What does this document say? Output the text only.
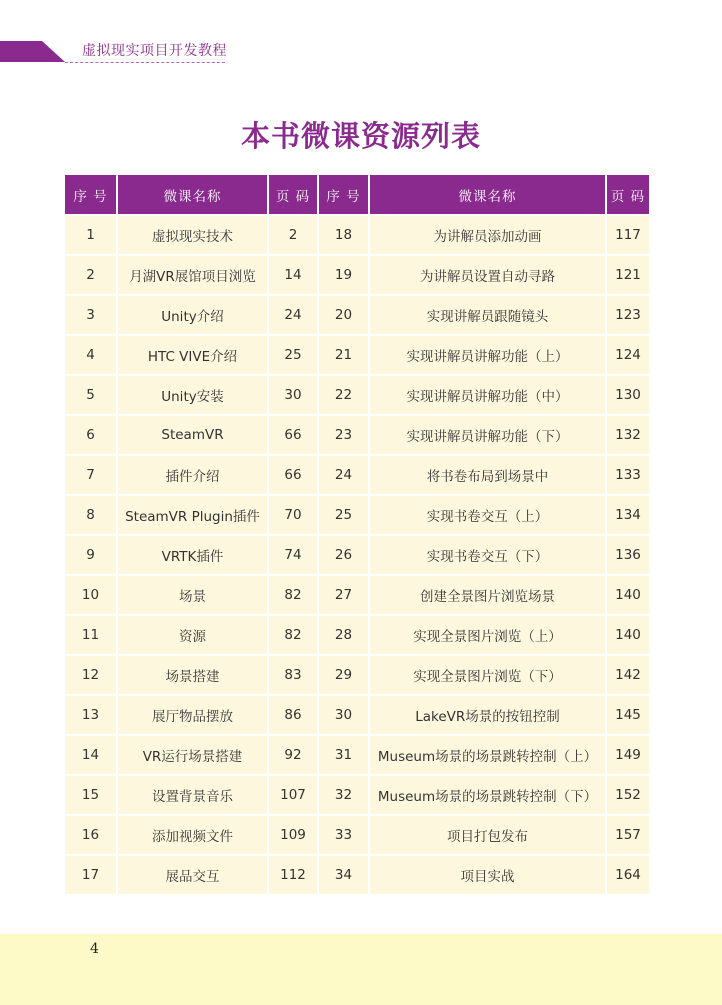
虚拟现实项目开发教程
本书微课资源列表
序 号	微课名称	页 码	序 号	微课名称	页 码
1	虚拟现实技术	2	18	为讲解员添加动画	117
2	月湖VR展馆项目浏览	14	19	为讲解员设置自动寻路	121
3	Unity介绍	24	20	实现讲解员跟随镜头	123
4	HTC VIVE介绍	25	21	实现讲解员讲解功能（上）	124
5	Unity安装	30	22	实现讲解员讲解功能（中）	130
6	SteamVR	66	23	实现讲解员讲解功能（下）	132
7	插件介绍	66	24	将书卷布局到场景中	133
8	SteamVR Plugin插件	70	25	实现书卷交互（上）	134
9	VRTK插件	74	26	实现书卷交互（下）	136
10	场景	82	27	创建全景图片浏览场景	140
11	资源	82	28	实现全景图片浏览（上）	140
12	场景搭建	83	29	实现全景图片浏览（下）	142
13	展厅物品摆放	86	30	LakeVR场景的按钮控制	145
14	VR运行场景搭建	92	31	Museum场景的场景跳转控制（上）	149
15	设置背景音乐	107	32	Museum场景的场景跳转控制（下）	152
16	添加视频文件	109	33	项目打包发布	157
17	展品交互	112	34	项目实战	164
4
